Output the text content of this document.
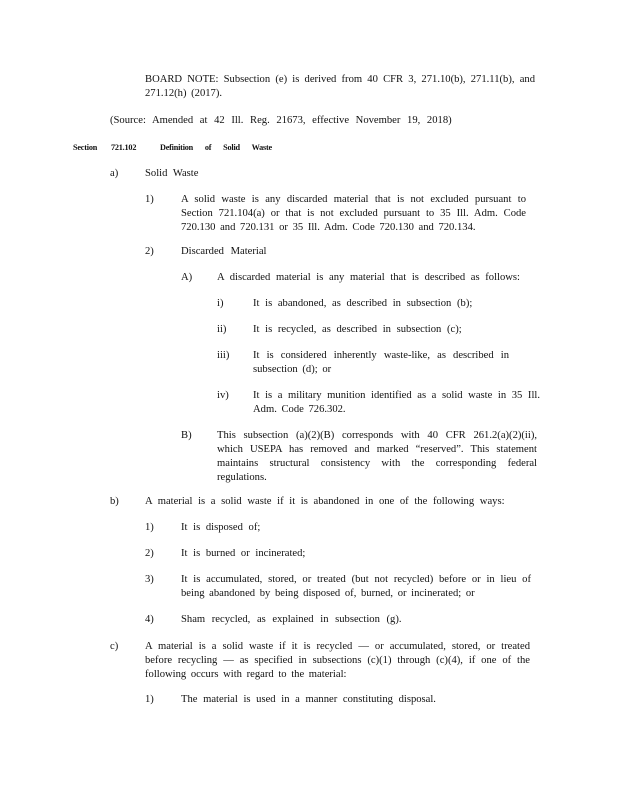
BOARD NOTE: Subsection (e) is derived from 40 CFR 3, 271.10(b), 271.11(b), and 271.12(h) (2017).

(Source: Amended at 42 Ill. Reg. 21673, effective November 19, 2018)

Section 721.102	Definition of Solid Waste
a)	Solid Waste
1)	A solid waste is any discarded material that is not excluded pursuant to Section 721.104(a) or that is not excluded pursuant to 35 Ill. Adm. Code 720.130 and 720.131 or 35 Ill. Adm. Code 720.130 and 720.134.

2)	Discarded Material

A) A discarded material is any material that is described as follows:

i)	It is abandoned, as described in subsection (b);

ii)	It is recycled, as described in subsection (c);

iii) It is considered inherently waste-like, as described in subsection (d); or

iv) It is a military munition identified as a solid waste in 35 Ill. Adm. Code 726.302.

B) This subsection (a)(2)(B) corresponds with 40 CFR 261.2(a)(2)(ii), which USEPA has removed and marked “reserved”. This statement maintains structural consistency with the corresponding federal regulations.

b) A material is a solid waste if it is abandoned in one of the following ways:

1)	It is disposed of;

2)	It is burned or incinerated;

3)	It is accumulated, stored, or treated (but not recycled) before or in lieu of being abandoned by being disposed of, burned, or incinerated; or

4)	Sham recycled, as explained in subsection (g).

c)	A material is a solid waste if it is recycled — or accumulated, stored, or treated before recycling — as specified in subsections (c)(1) through (c)(4), if one of the following occurs with regard to the material:

1)	The material is used in a manner constituting disposal.
